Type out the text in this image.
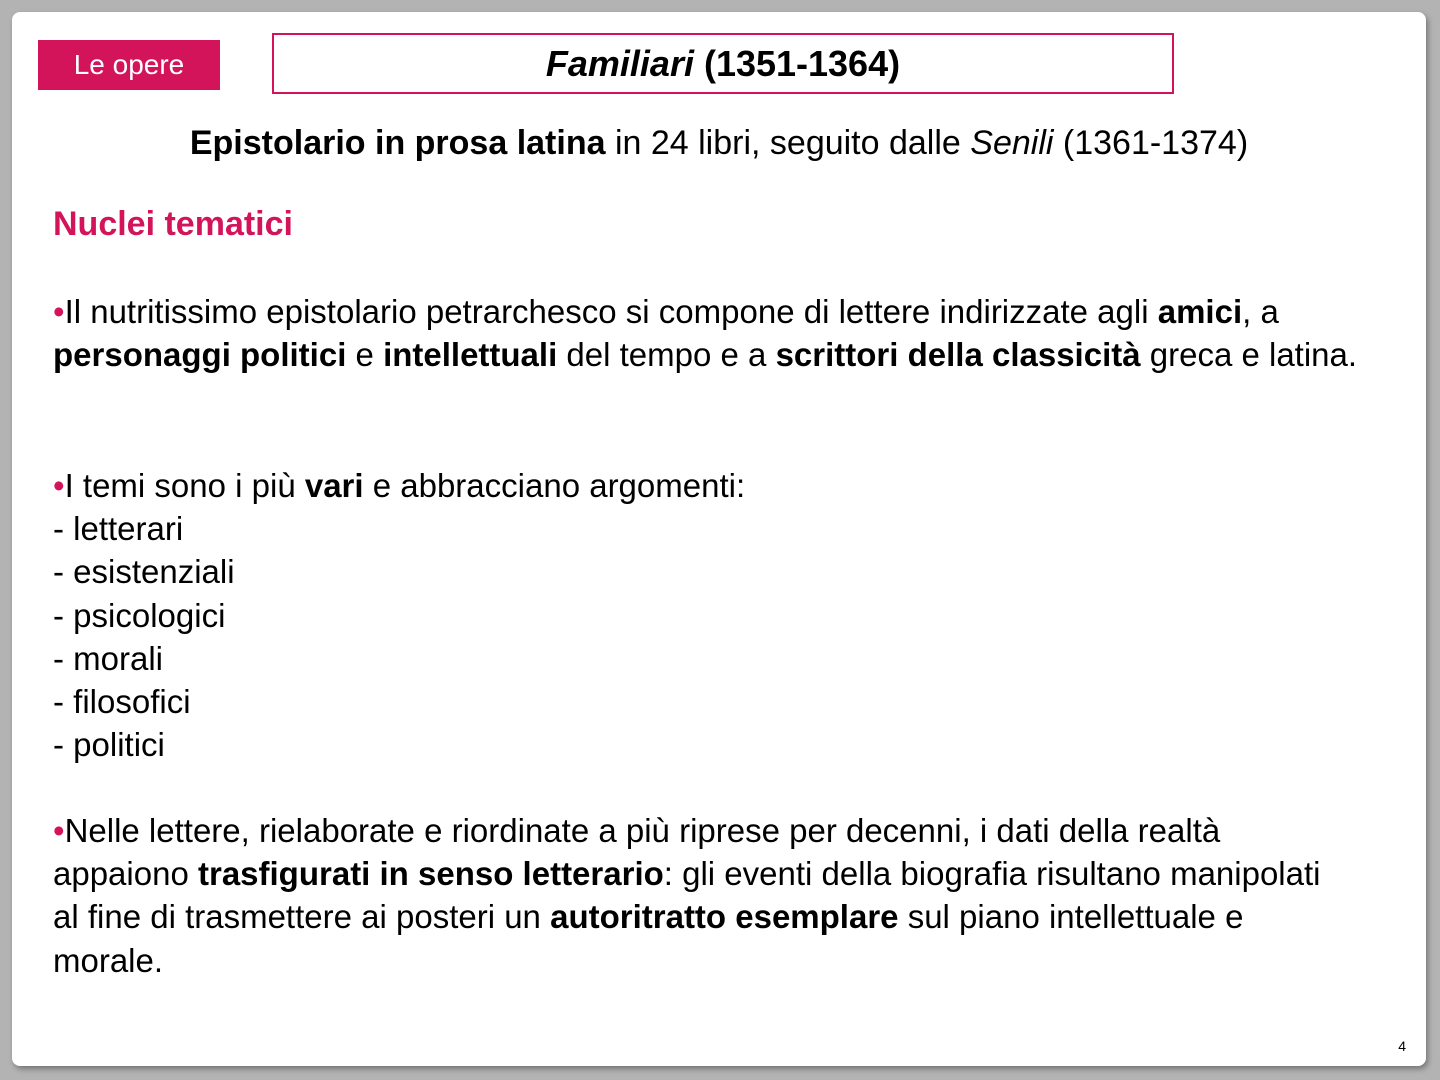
Le opere	Familiari (1351-1364)
Epistolario in prosa latina in 24 libri, seguito dalle Senili (1361-1374)
Nuclei tematici
•Il nutritissimo epistolario petrarchesco si compone di lettere indirizzate agli amici, a personaggi politici e intellettuali del tempo e a scrittori della classicità greca e latina.
•I temi sono i più vari e abbracciano argomenti:
- letterari
- esistenziali
- psicologici
- morali
- filosofici
- politici
•Nelle lettere, rielaborate e riordinate a più riprese per decenni, i dati della realtà appaiono trasfigurati in senso letterario: gli eventi della biografia risultano manipolati al fine di trasmettere ai posteri un autoritratto esemplare sul piano intellettuale e morale.
4
